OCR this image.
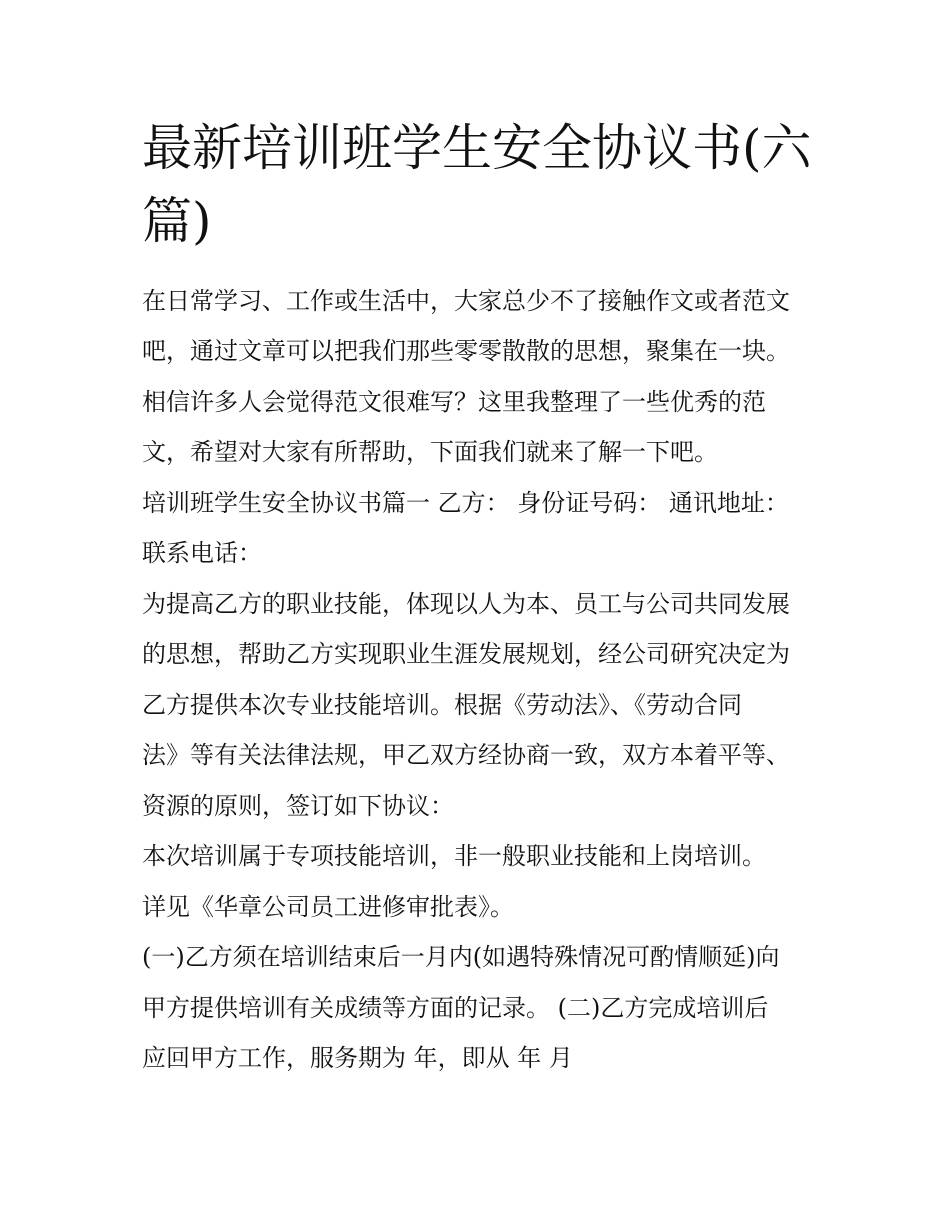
最新培训班学生安全协议书(六
篇)

在日常学习、工作或生活中，大家总少不了接触作文或者范文

吧，通过文章可以把我们那些零零散散的思想，聚集在一块。

相信许多人会觉得范文很难写？这里我整理了一些优秀的范

文，希望对大家有所帮助，下面我们就来了解一下吧。

培训班学生安全协议书篇一 乙方： 身份证号码： 通讯地址：

联系电话：

为提高乙方的职业技能，体现以人为本、员工与公司共同发展

的思想，帮助乙方实现职业生涯发展规划，经公司研究决定为

乙方提供本次专业技能培训。根据《劳动法》、《劳动合同

法》等有关法律法规，甲乙双方经协商一致，双方本着平等、

资源的原则，签订如下协议：

本次培训属于专项技能培训，非一般职业技能和上岗培训。

详见《华章公司员工进修审批表》。

(一)乙方须在培训结束后一月内(如遇特殊情况可酌情顺延)向

甲方提供培训有关成绩等方面的记录。 (二)乙方完成培训后

应回甲方工作，服务期为 年，即从 年 月
